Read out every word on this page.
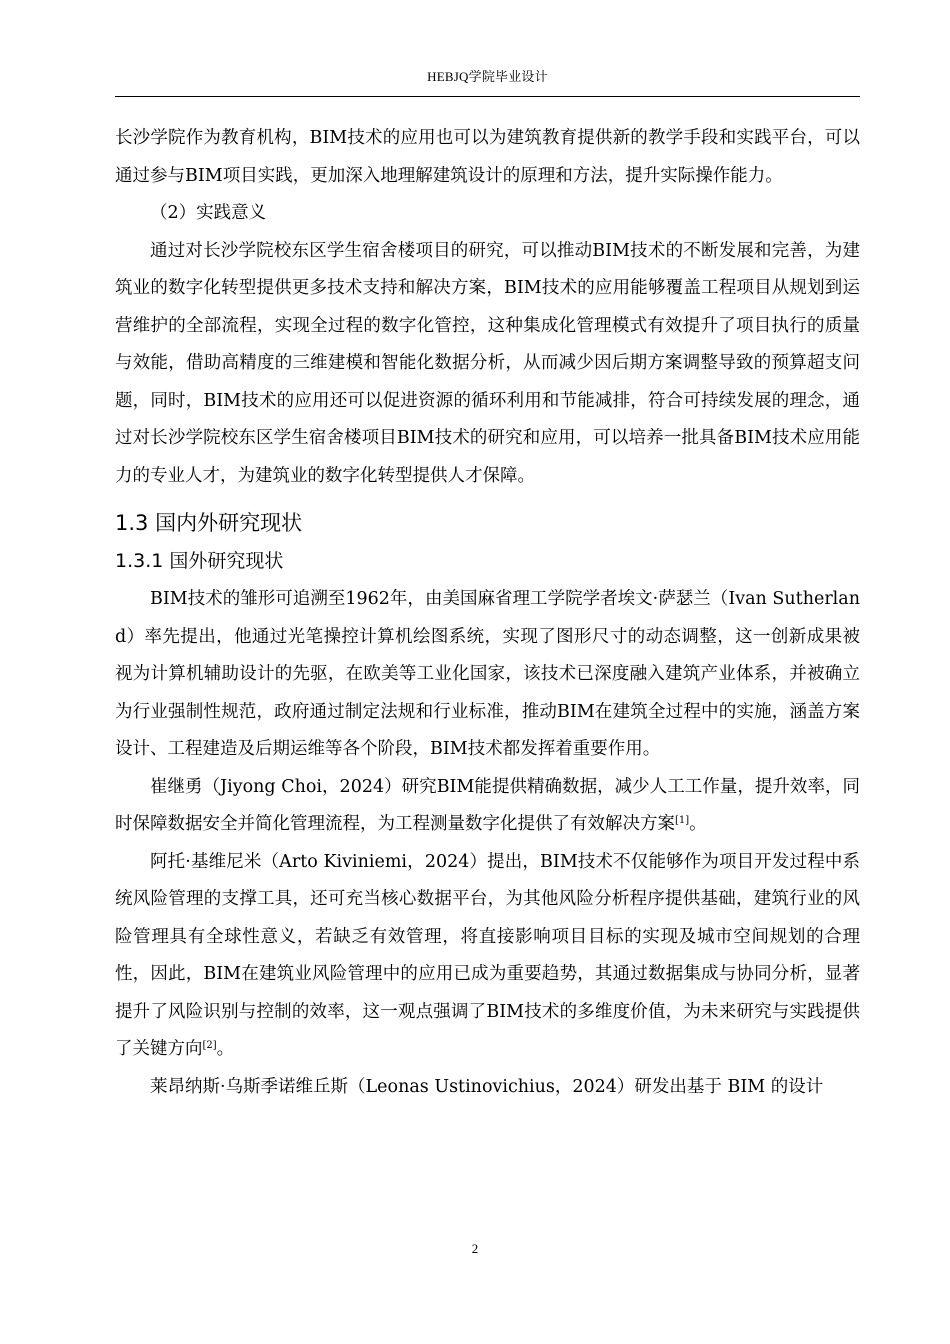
HEBJQ学院毕业设计

长沙学院作为教育机构，BIM技术的应用也可以为建筑教育提供新的教学手段和实践平台，可以通过参与BIM项目实践，更加深入地理解建筑设计的原理和方法，提升实际操作能力。

（2）实践意义

通过对长沙学院校东区学生宿舍楼项目的研究，可以推动BIM技术的不断发展和完善，为建筑业的数字化转型提供更多技术支持和解决方案，BIM技术的应用能够覆盖工程项目从规划到运营维护的全部流程，实现全过程的数字化管控，这种集成化管理模式有效提升了项目执行的质量与效能，借助高精度的三维建模和智能化数据分析，从而减少因后期方案调整导致的预算超支问题，同时，BIM技术的应用还可以促进资源的循环利用和节能减排，符合可持续发展的理念，通过对长沙学院校东区学生宿舍楼项目BIM技术的研究和应用，可以培养一批具备BIM技术应用能力的专业人才，为建筑业的数字化转型提供人才保障。

1.3 国内外研究现状
1.3.1 国外研究现状

BIM技术的雏形可追溯至1962年，由美国麻省理工学院学者埃文·萨瑟兰（Ivan Sutherland）率先提出，他通过光笔操控计算机绘图系统，实现了图形尺寸的动态调整，这一创新成果被视为计算机辅助设计的先驱，在欧美等工业化国家，该技术已深度融入建筑产业体系，并被确立为行业强制性规范，政府通过制定法规和行业标准，推动BIM在建筑全过程中的实施，涵盖方案设计、工程建造及后期运维等各个阶段，BIM技术都发挥着重要作用。

崔继勇（Jiyong Choi，2024）研究BIM能提供精确数据，减少人工工作量，提升效率，同时保障数据安全并简化管理流程，为工程测量数字化提供了有效解决方案[1]。

阿托·基维尼米（Arto Kiviniemi，2024）提出，BIM技术不仅能够作为项目开发过程中系统风险管理的支撑工具，还可充当核心数据平台，为其他风险分析程序提供基础，建筑行业的风险管理具有全球性意义，若缺乏有效管理，将直接影响项目目标的实现及城市空间规划的合理性，因此，BIM在建筑业风险管理中的应用已成为重要趋势，其通过数据集成与协同分析，显著提升了风险识别与控制的效率，这一观点强调了BIM技术的多维度价值，为未来研究与实践提供了关键方向[2]。

莱昂纳斯·乌斯季诺维丘斯（Leonas Ustinovichius，2024）研发出基于 BIM 的设计

2
